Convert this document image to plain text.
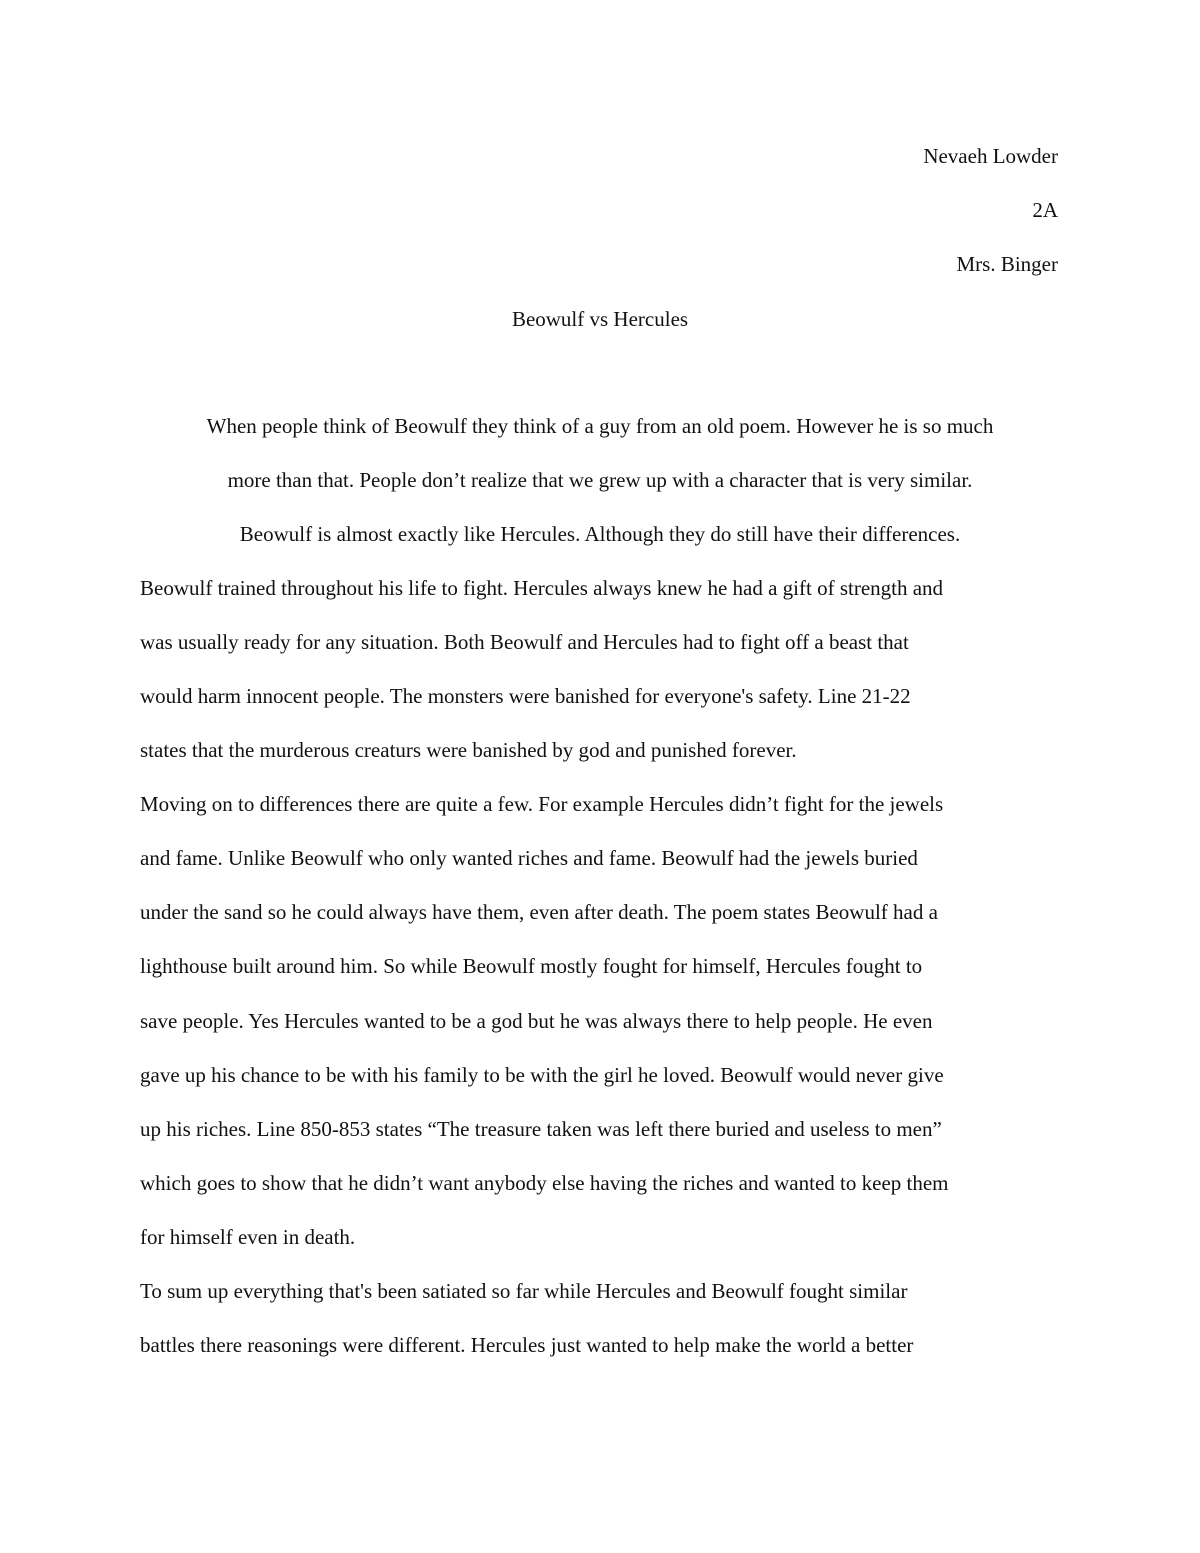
Nevaeh Lowder
2A
Mrs. Binger
Beowulf vs Hercules
When people think of Beowulf they think of a guy from an old poem. However he is so much
more than that. People don’t realize that we grew up with a character that is very similar.
Beowulf is almost exactly like Hercules. Although they do still have their differences.
Beowulf trained throughout his life to fight. Hercules always knew he had a gift of strength and
was usually ready for any situation. Both Beowulf and Hercules had to fight off a beast that
would harm innocent people. The monsters were banished for everyone's safety. Line 21-22
states that the murderous creaturs were banished by god and punished forever.
Moving on to differences there are quite a few. For example Hercules didn’t fight for the jewels
and fame. Unlike Beowulf who only wanted riches and fame. Beowulf had the jewels buried
under the sand so he could always have them, even after death. The poem states Beowulf had a
lighthouse built around him. So while Beowulf mostly fought for himself, Hercules fought to
save people. Yes Hercules wanted to be a god but he was always there to help people. He even
gave up his chance to be with his family to be with the girl he loved. Beowulf would never give
up his riches. Line 850-853 states “The treasure taken was left there buried and useless to men”
which goes to show that he didn’t want anybody else having the riches and wanted to keep them
for himself even in death.
To sum up everything that's been satiated so far while Hercules and Beowulf fought similar
battles there reasonings were different. Hercules just wanted to help make the world a better
